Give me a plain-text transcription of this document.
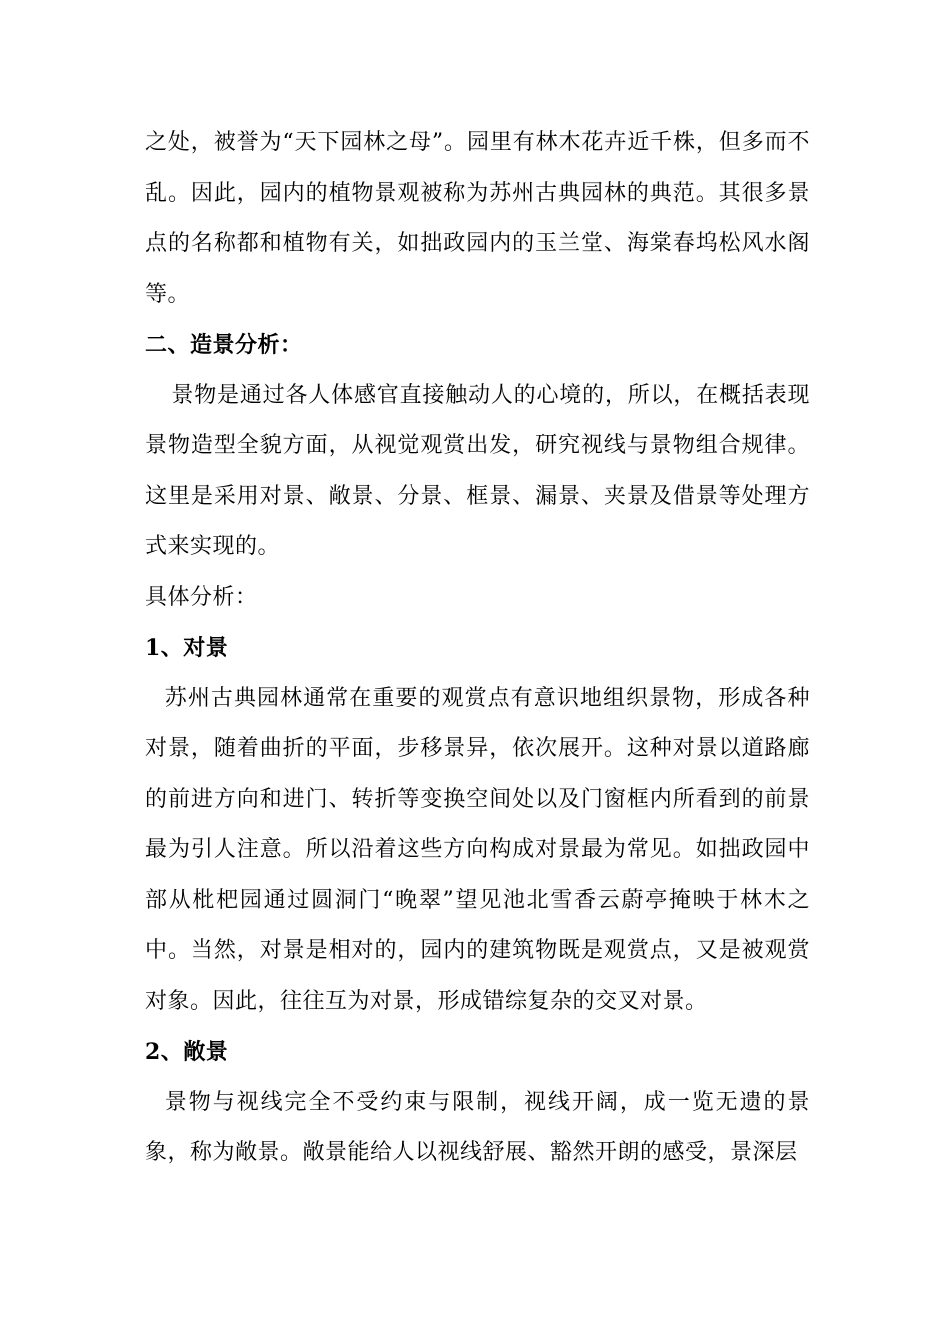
之处，被誉为“天下园林之母”。园里有林木花卉近千株，但多而不乱。因此，园内的植物景观被称为苏州古典园林的典范。其很多景点的名称都和植物有关，如拙政园内的玉兰堂、海棠春坞松风水阁等。

二、造景分析：

景物是通过各人体感官直接触动人的心境的，所以，在概括表现景物造型全貌方面，从视觉观赏出发，研究视线与景物组合规律。这里是采用对景、敞景、分景、框景、漏景、夹景及借景等处理方式来实现的。

具体分析：

1、对景

苏州古典园林通常在重要的观赏点有意识地组织景物，形成各种对景，随着曲折的平面，步移景异，依次展开。这种对景以道路廊的前进方向和进门、转折等变换空间处以及门窗框内所看到的前景最为引人注意。所以沿着这些方向构成对景最为常见。如拙政园中部从枇杷园通过圆洞门“晚翠”望见池北雪香云蔚亭掩映于林木之中。当然，对景是相对的，园内的建筑物既是观赏点，又是被观赏对象。因此，往往互为对景，形成错综复杂的交叉对景。

2、敞景

景物与视线完全不受约束与限制，视线开阔，成一览无遗的景象，称为敞景。敞景能给人以视线舒展、豁然开朗的感受，景深层
